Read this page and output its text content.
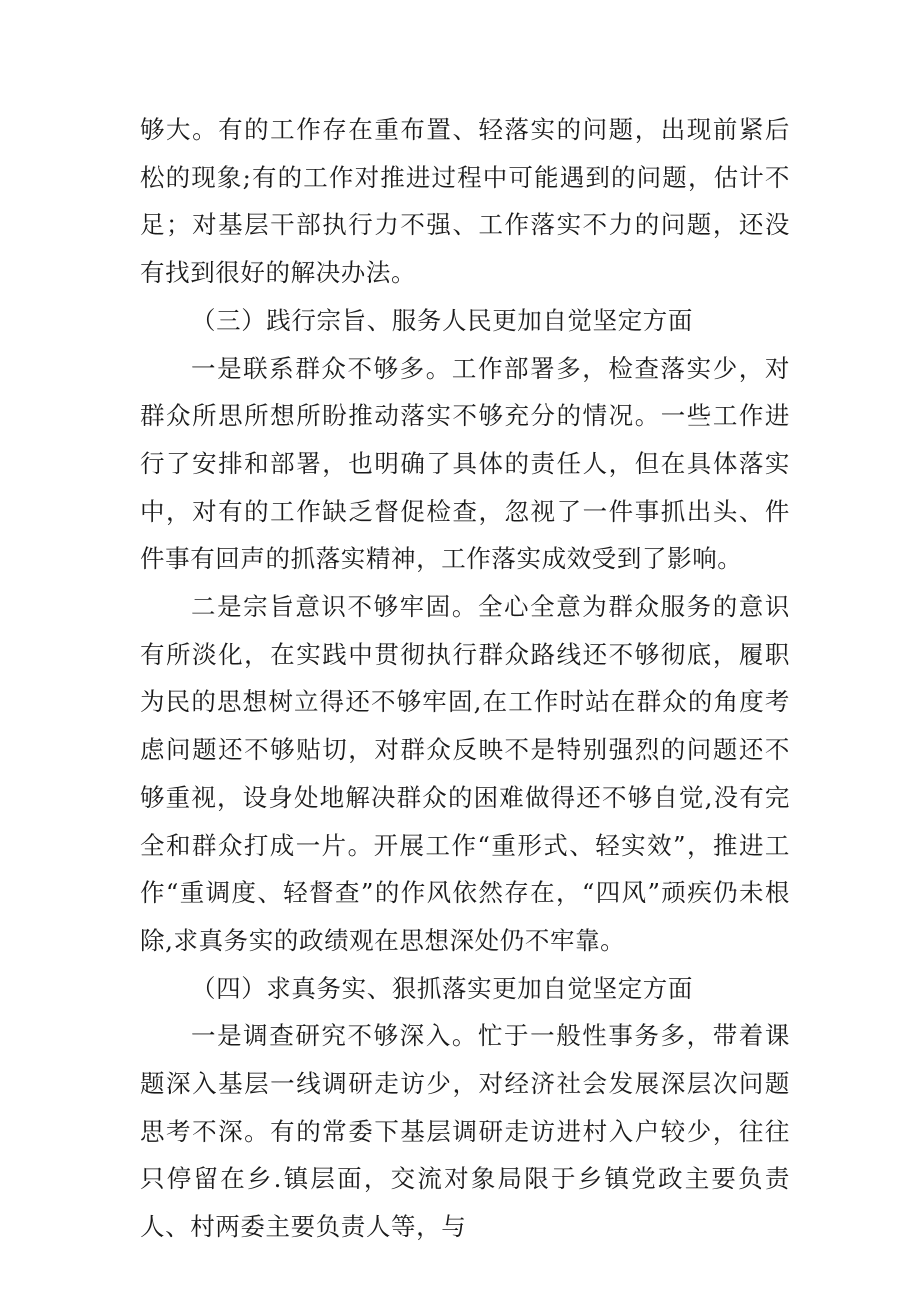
够大。有的工作存在重布置、轻落实的问题，出现前紧后松的现象;有的工作对推进过程中可能遇到的问题，估计不足；对基层干部执行力不强、工作落实不力的问题，还没有找到很好的解决办法。

（三）践行宗旨、服务人民更加自觉坚定方面

一是联系群众不够多。工作部署多，检查落实少，对群众所思所想所盼推动落实不够充分的情况。一些工作进行了安排和部署，也明确了具体的责任人，但在具体落实中，对有的工作缺乏督促检查，忽视了一件事抓出头、件件事有回声的抓落实精神，工作落实成效受到了影响。

二是宗旨意识不够牢固。全心全意为群众服务的意识有所淡化，在实践中贯彻执行群众路线还不够彻底，履职为民的思想树立得还不够牢固,在工作时站在群众的角度考虑问题还不够贴切，对群众反映不是特别强烈的问题还不够重视，设身处地解决群众的困难做得还不够自觉,没有完全和群众打成一片。开展工作“重形式、轻实效”，推进工作“重调度、轻督查”的作风依然存在，“四风”顽疾仍未根除,求真务实的政绩观在思想深处仍不牢靠。

（四）求真务实、狠抓落实更加自觉坚定方面

一是调查研究不够深入。忙于一般性事务多，带着课题深入基层一线调研走访少，对经济社会发展深层次问题思考不深。有的常委下基层调研走访进村入户较少，往往只停留在乡.镇层面，交流对象局限于乡镇党政主要负责人、村两委主要负责人等，与
